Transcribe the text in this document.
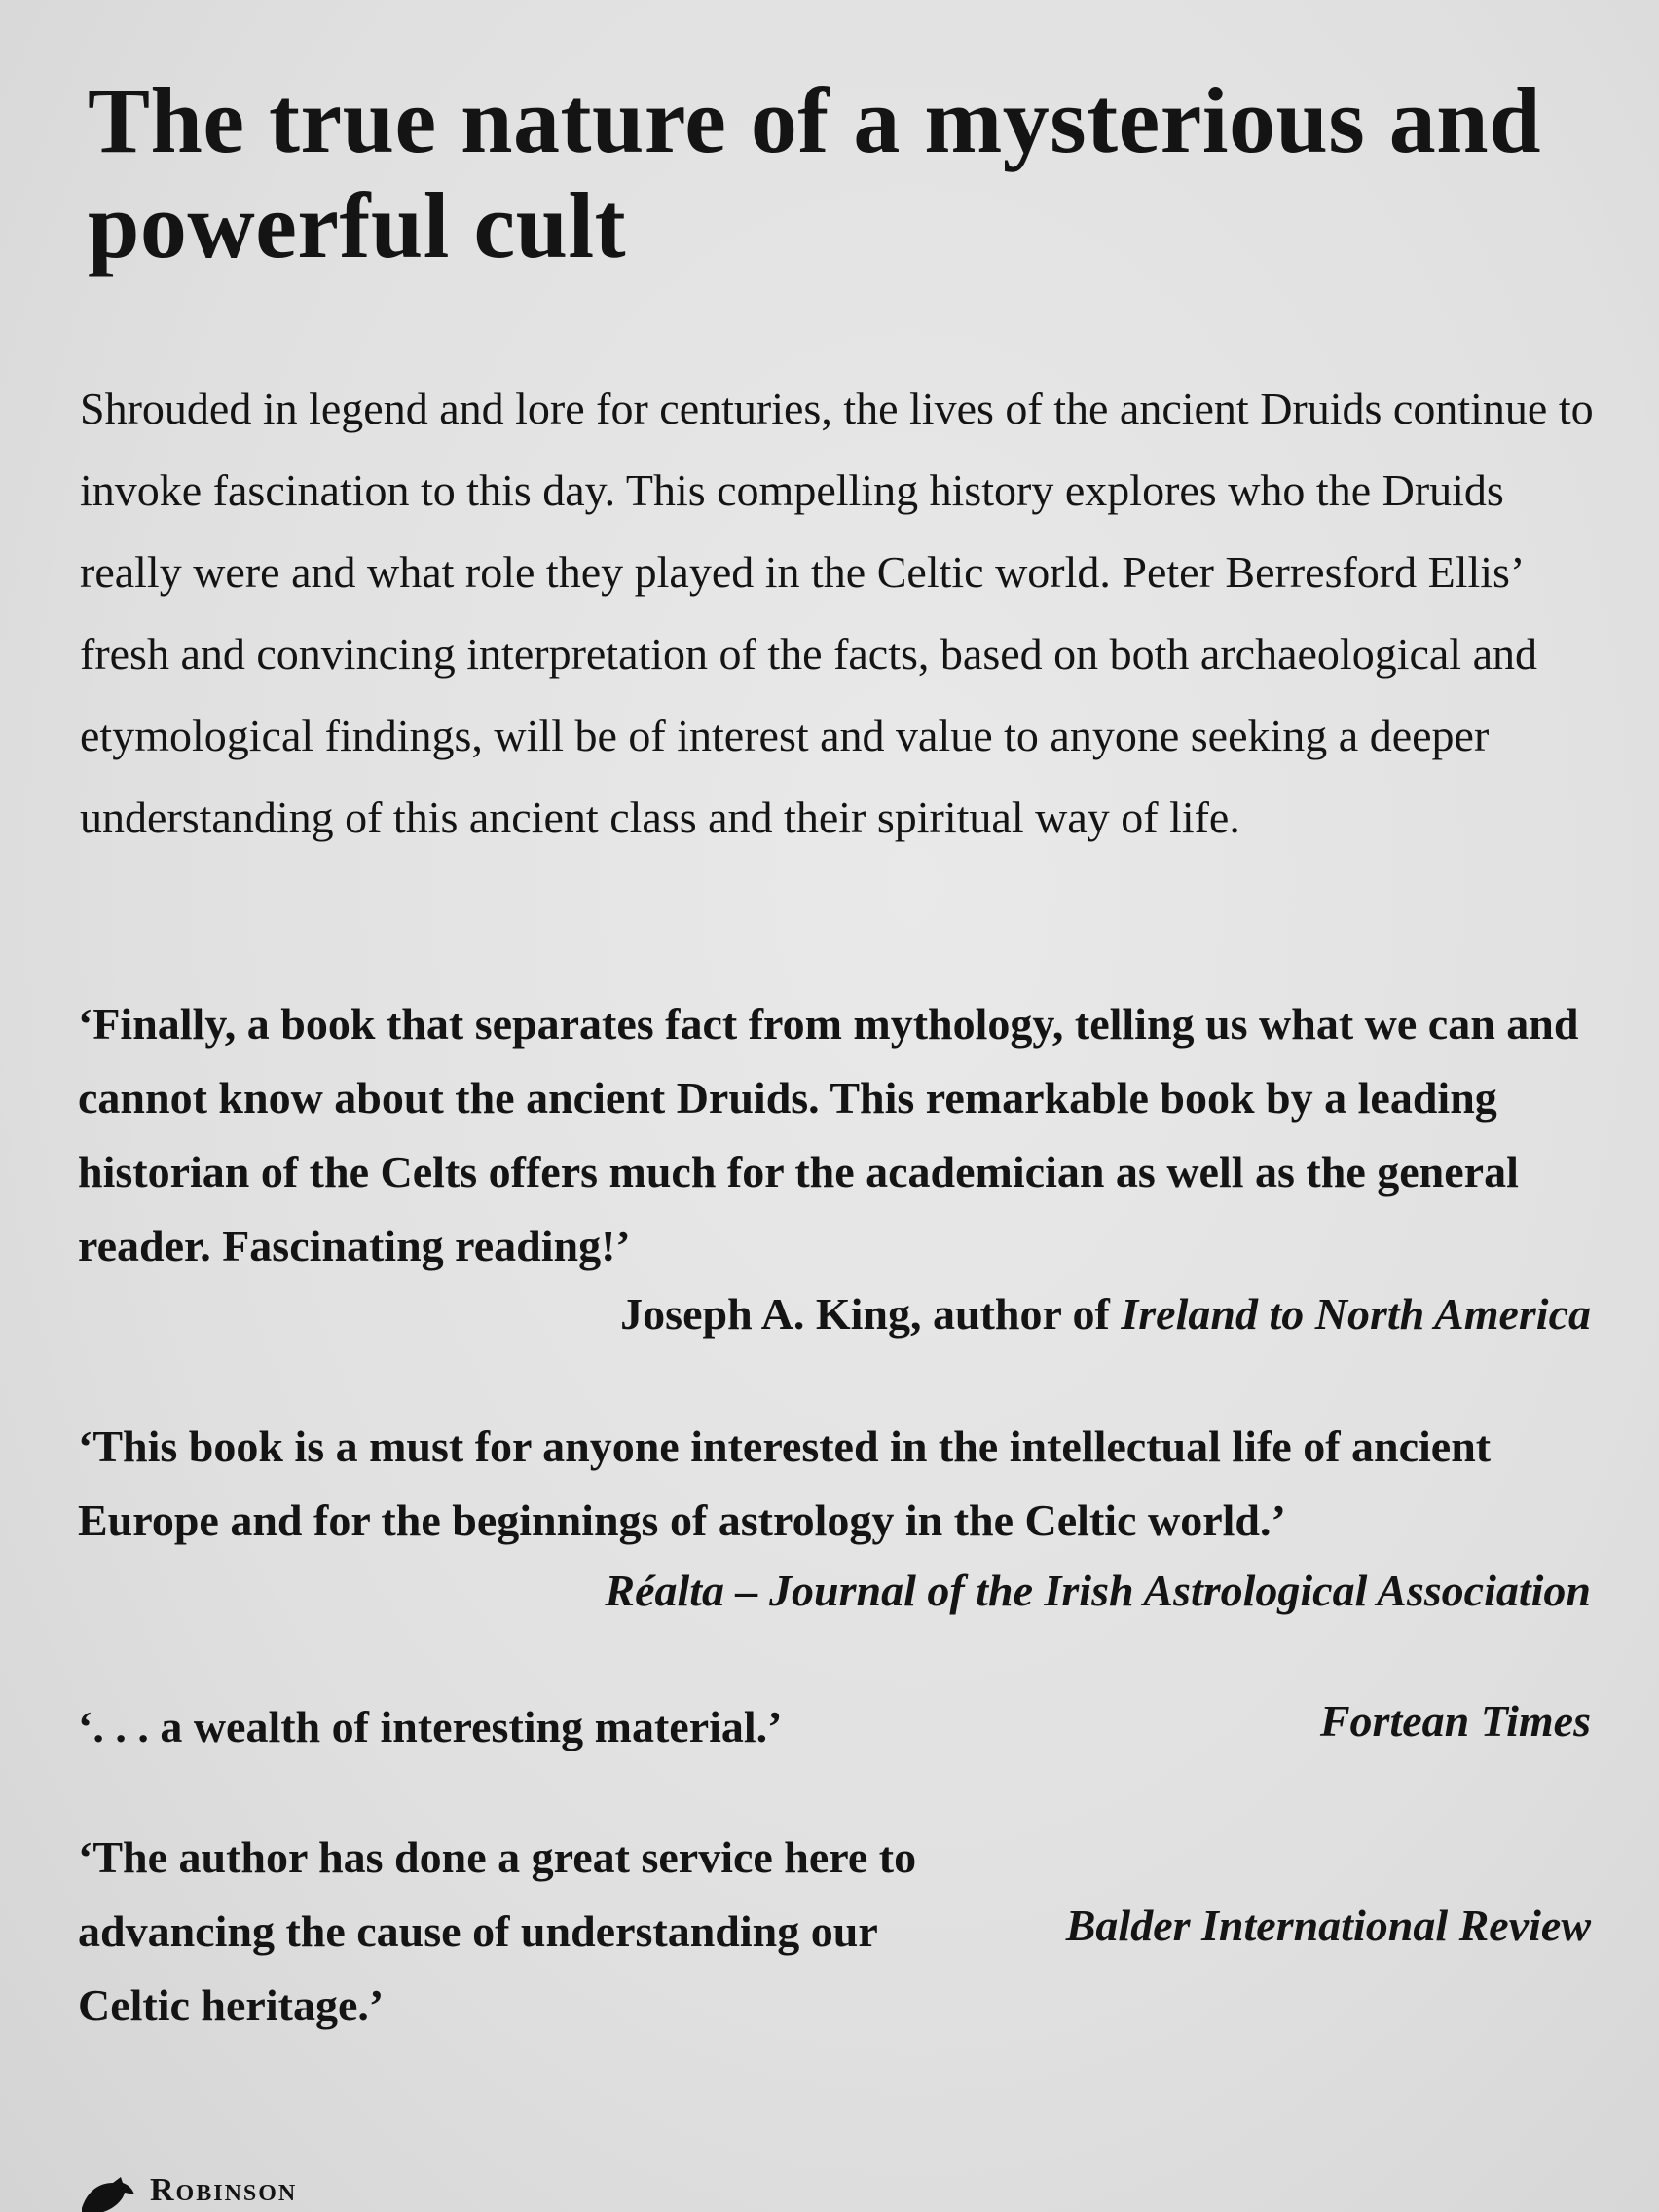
The true nature of a mysterious and powerful cult

Shrouded in legend and lore for centuries, the lives of the ancient Druids continue to invoke fascination to this day. This compelling history explores who the Druids really were and what role they played in the Celtic world. Peter Berresford Ellis’ fresh and convincing interpretation of the facts, based on both archaeological and etymological findings, will be of interest and value to anyone seeking a deeper understanding of this ancient class and their spiritual way of life.

‘Finally, a book that separates fact from mythology, telling us what we can and cannot know about the ancient Druids. This remarkable book by a leading historian of the Celts offers much for the academician as well as the general reader. Fascinating reading!’

Joseph A. King, author of Ireland to North America

‘This book is a must for anyone interested in the intellectual life of ancient Europe and for the beginnings of astrology in the Celtic world.’

Réalta – Journal of the Irish Astrological Association

‘. . . a wealth of interesting material.’	Fortean Times

‘The author has done a great service here to advancing the cause of understanding our Celtic heritage.’

Balder International Review

Robinson
